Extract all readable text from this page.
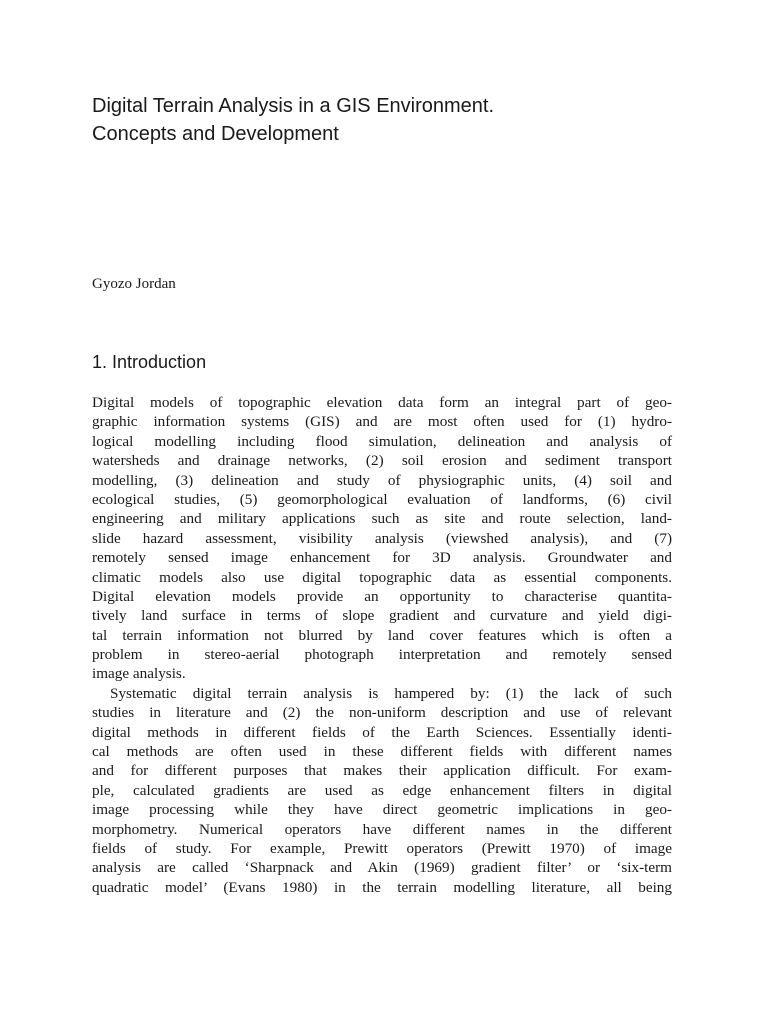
Digital Terrain Analysis in a GIS Environment.
Concepts and Development

Gyozo Jordan

1. Introduction
Digital models of topographic elevation data form an integral part of geo-
graphic information systems (GIS) and are most often used for (1) hydro-
logical modelling including flood simulation, delineation and analysis of
watersheds and drainage networks, (2) soil erosion and sediment transport
modelling, (3) delineation and study of physiographic units, (4) soil and
ecological studies, (5) geomorphological evaluation of landforms, (6) civil
engineering and military applications such as site and route selection, land-
slide hazard assessment, visibility analysis (viewshed analysis), and (7)
remotely sensed image enhancement for 3D analysis. Groundwater and
climatic models also use digital topographic data as essential components.
Digital elevation models provide an opportunity to characterise quantita-
tively land surface in terms of slope gradient and curvature and yield digi-
tal terrain information not blurred by land cover features which is often a
problem in stereo-aerial photograph interpretation and remotely sensed
image analysis.
Systematic digital terrain analysis is hampered by: (1) the lack of such
studies in literature and (2) the non-uniform description and use of relevant
digital methods in different fields of the Earth Sciences. Essentially identi-
cal methods are often used in these different fields with different names
and for different purposes that makes their application difficult. For exam-
ple, calculated gradients are used as edge enhancement filters in digital
image processing while they have direct geometric implications in geo-
morphometry. Numerical operators have different names in the different
fields of study. For example, Prewitt operators (Prewitt 1970) of image
analysis are called ‘Sharpnack and Akin (1969) gradient filter’ or ‘six-term
quadratic model’ (Evans 1980) in the terrain modelling literature, all being
